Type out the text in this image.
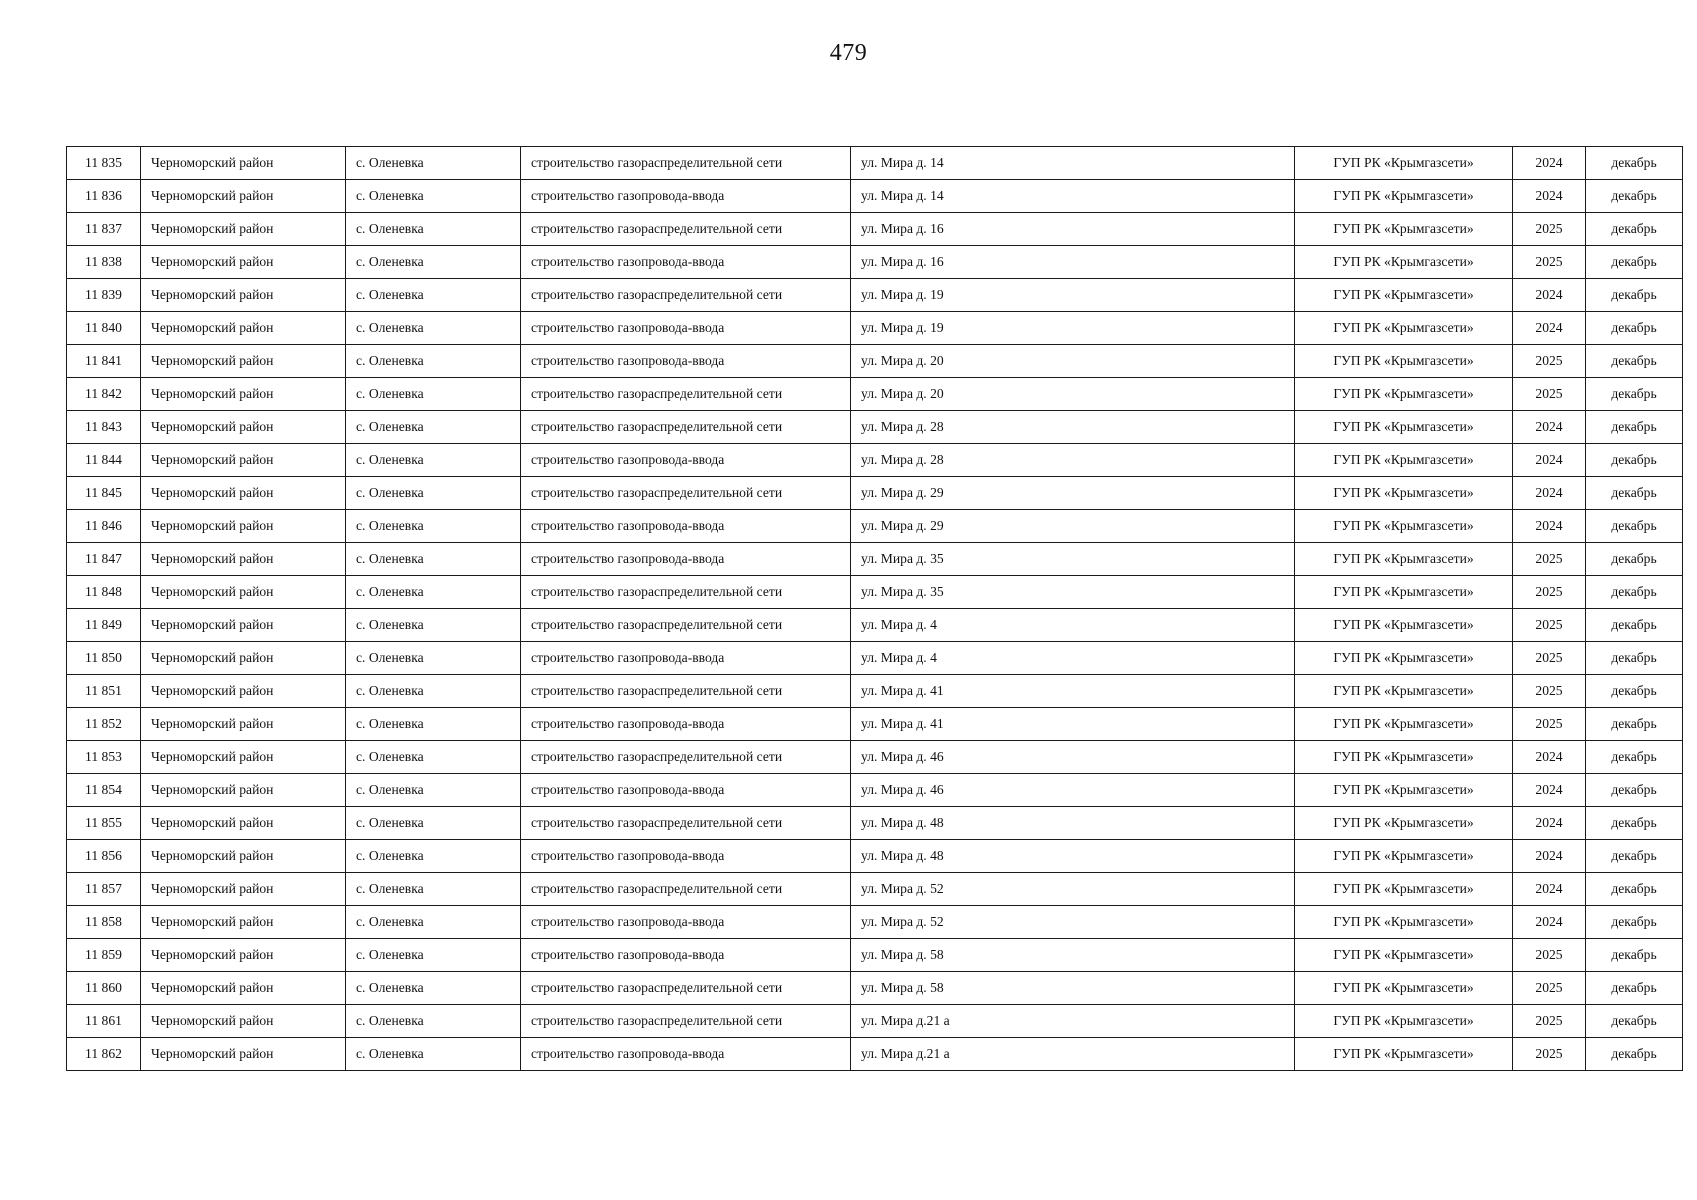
479
11 835	Черноморский район	с. Оленевка	строительство газораспределительной сети	ул. Мира д. 14	ГУП РК «Крымгазсети»	2024	декабрь
11 836	Черноморский район	с. Оленевка	строительство газопровода-ввода	ул. Мира д. 14	ГУП РК «Крымгазсети»	2024	декабрь
11 837	Черноморский район	с. Оленевка	строительство газораспределительной сети	ул. Мира д. 16	ГУП РК «Крымгазсети»	2025	декабрь
11 838	Черноморский район	с. Оленевка	строительство газопровода-ввода	ул. Мира д. 16	ГУП РК «Крымгазсети»	2025	декабрь
11 839	Черноморский район	с. Оленевка	строительство газораспределительной сети	ул. Мира д. 19	ГУП РК «Крымгазсети»	2024	декабрь
11 840	Черноморский район	с. Оленевка	строительство газопровода-ввода	ул. Мира д. 19	ГУП РК «Крымгазсети»	2024	декабрь
11 841	Черноморский район	с. Оленевка	строительство газопровода-ввода	ул. Мира д. 20	ГУП РК «Крымгазсети»	2025	декабрь
11 842	Черноморский район	с. Оленевка	строительство газораспределительной сети	ул. Мира д. 20	ГУП РК «Крымгазсети»	2025	декабрь
11 843	Черноморский район	с. Оленевка	строительство газораспределительной сети	ул. Мира д. 28	ГУП РК «Крымгазсети»	2024	декабрь
11 844	Черноморский район	с. Оленевка	строительство газопровода-ввода	ул. Мира д. 28	ГУП РК «Крымгазсети»	2024	декабрь
11 845	Черноморский район	с. Оленевка	строительство газораспределительной сети	ул. Мира д. 29	ГУП РК «Крымгазсети»	2024	декабрь
11 846	Черноморский район	с. Оленевка	строительство газопровода-ввода	ул. Мира д. 29	ГУП РК «Крымгазсети»	2024	декабрь
11 847	Черноморский район	с. Оленевка	строительство газопровода-ввода	ул. Мира д. 35	ГУП РК «Крымгазсети»	2025	декабрь
11 848	Черноморский район	с. Оленевка	строительство газораспределительной сети	ул. Мира д. 35	ГУП РК «Крымгазсети»	2025	декабрь
11 849	Черноморский район	с. Оленевка	строительство газораспределительной сети	ул. Мира д. 4	ГУП РК «Крымгазсети»	2025	декабрь
11 850	Черноморский район	с. Оленевка	строительство газопровода-ввода	ул. Мира д. 4	ГУП РК «Крымгазсети»	2025	декабрь
11 851	Черноморский район	с. Оленевка	строительство газораспределительной сети	ул. Мира д. 41	ГУП РК «Крымгазсети»	2025	декабрь
11 852	Черноморский район	с. Оленевка	строительство газопровода-ввода	ул. Мира д. 41	ГУП РК «Крымгазсети»	2025	декабрь
11 853	Черноморский район	с. Оленевка	строительство газораспределительной сети	ул. Мира д. 46	ГУП РК «Крымгазсети»	2024	декабрь
11 854	Черноморский район	с. Оленевка	строительство газопровода-ввода	ул. Мира д. 46	ГУП РК «Крымгазсети»	2024	декабрь
11 855	Черноморский район	с. Оленевка	строительство газораспределительной сети	ул. Мира д. 48	ГУП РК «Крымгазсети»	2024	декабрь
11 856	Черноморский район	с. Оленевка	строительство газопровода-ввода	ул. Мира д. 48	ГУП РК «Крымгазсети»	2024	декабрь
11 857	Черноморский район	с. Оленевка	строительство газораспределительной сети	ул. Мира д. 52	ГУП РК «Крымгазсети»	2024	декабрь
11 858	Черноморский район	с. Оленевка	строительство газопровода-ввода	ул. Мира д. 52	ГУП РК «Крымгазсети»	2024	декабрь
11 859	Черноморский район	с. Оленевка	строительство газопровода-ввода	ул. Мира д. 58	ГУП РК «Крымгазсети»	2025	декабрь
11 860	Черноморский район	с. Оленевка	строительство газораспределительной сети	ул. Мира д. 58	ГУП РК «Крымгазсети»	2025	декабрь
11 861	Черноморский район	с. Оленевка	строительство газораспределительной сети	ул. Мира д.21 а	ГУП РК «Крымгазсети»	2025	декабрь
11 862	Черноморский район	с. Оленевка	строительство газопровода-ввода	ул. Мира д.21 а	ГУП РК «Крымгазсети»	2025	декабрь
